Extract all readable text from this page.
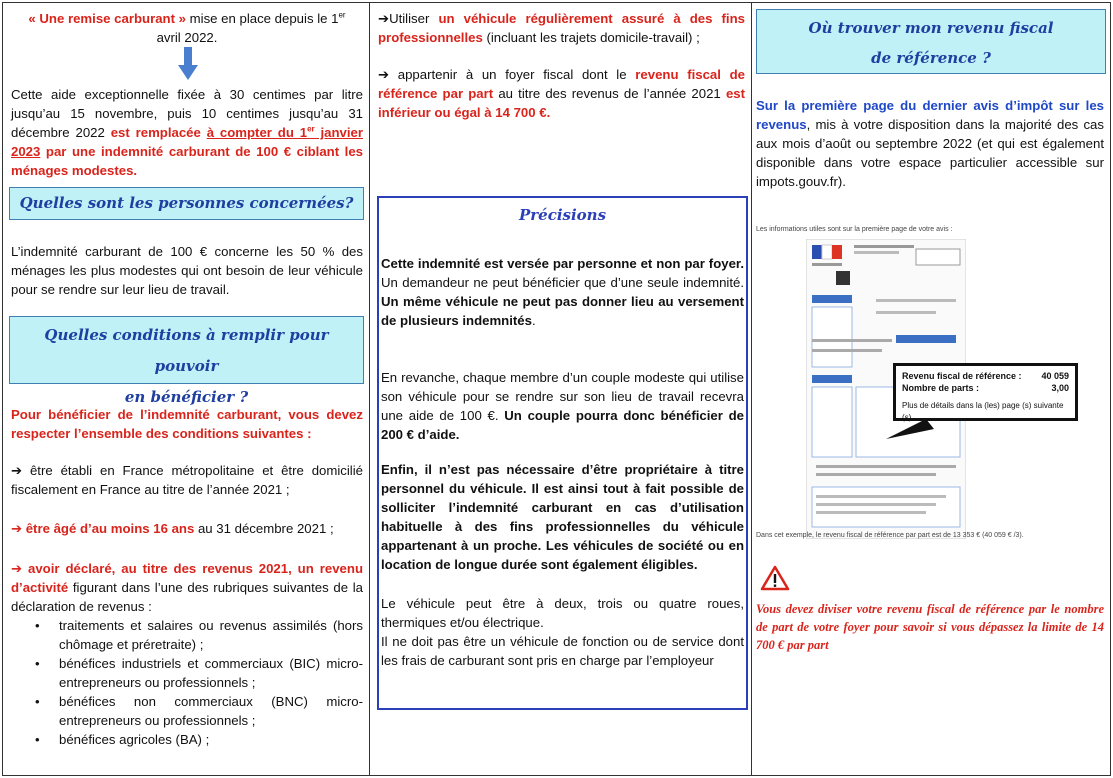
« Une remise carburant » mise en place depuis le 1er
avril 2022.
Cette aide exceptionnelle fixée à 30 centimes par litre jusqu’au 15 novembre, puis 10 centimes jusqu’au 31 décembre 2022 est remplacée à compter du 1er janvier 2023 par une indemnité carburant de 100 € ciblant les ménages modestes.
Quelles sont les personnes concernées?
L’indemnité carburant de 100 € concerne les 50 % des ménages les plus modestes qui ont besoin de leur véhicule pour se rendre sur leur lieu de travail.
Quelles conditions à remplir pour pouvoir
en bénéficier ?
Pour bénéficier de l’indemnité carburant, vous devez respecter l’ensemble des conditions suivantes :
➔ être établi en France métropolitaine et être domicilié fiscalement en France au titre de l’année 2021 ;
➔ être âgé d’au moins 16 ans au 31 décembre 2021 ;
➔ avoir déclaré, au titre des revenus 2021, un revenu d’activité figurant dans l’une des rubriques suivantes de la déclaration de revenus :
• traitements et salaires ou revenus assimilés (hors chômage et préretraite) ;
• bénéfices industriels et commerciaux (BIC) micro-entrepreneurs ou professionnels ;
• bénéfices non commerciaux (BNC) micro-entrepreneurs ou professionnels ;
• bénéfices agricoles (BA) ;
➔Utiliser un véhicule régulièrement assuré à des fins professionnelles (incluant les trajets domicile-travail) ;
➔ appartenir à un foyer fiscal dont le revenu fiscal de référence par part au titre des revenus de l’année 2021 est inférieur ou égal à 14 700 €.
Précisions
Cette indemnité est versée par personne et non par foyer. Un demandeur ne peut bénéficier que d’une seule indemnité. Un même véhicule ne peut pas donner lieu au versement de plusieurs indemnités.
En revanche, chaque membre d’un couple modeste qui utilise son véhicule pour se rendre sur son lieu de travail recevra une aide de 100 €. Un couple pourra donc bénéficier de 200 € d’aide.
Enfin, il n’est pas nécessaire d’être propriétaire à titre personnel du véhicule. Il est ainsi tout à fait possible de solliciter l’indemnité carburant en cas d’utilisation habituelle à des fins professionnelles du véhicule appartenant à un proche. Les véhicules de société ou en location de longue durée sont également éligibles.
Le véhicule peut être à deux, trois ou quatre roues, thermiques et/ou électrique.
Il ne doit pas être un véhicule de fonction ou de service dont les frais de carburant sont pris en charge par l’employeur
Où trouver mon revenu fiscal
de référence ?
Sur la première page du dernier avis d’impôt sur les revenus, mis à votre disposition dans la majorité des cas aux mois d’août ou septembre 2022 (et qui est également disponible dans votre espace particulier accessible sur impots.gouv.fr).
Les informations utiles sont sur la première page de votre avis :
Revenu fiscal de référence : 40 059
Nombre de parts :	3,00
Plus de détails dans la (les) page (s) suivante (s).
Dans cet exemple, le revenu fiscal de référence par part est de 13 353 € (40 059 € /3).
Vous devez diviser votre revenu fiscal de référence par le nombre de part de votre foyer pour savoir si vous dépassez la limite de 14 700 € par part
